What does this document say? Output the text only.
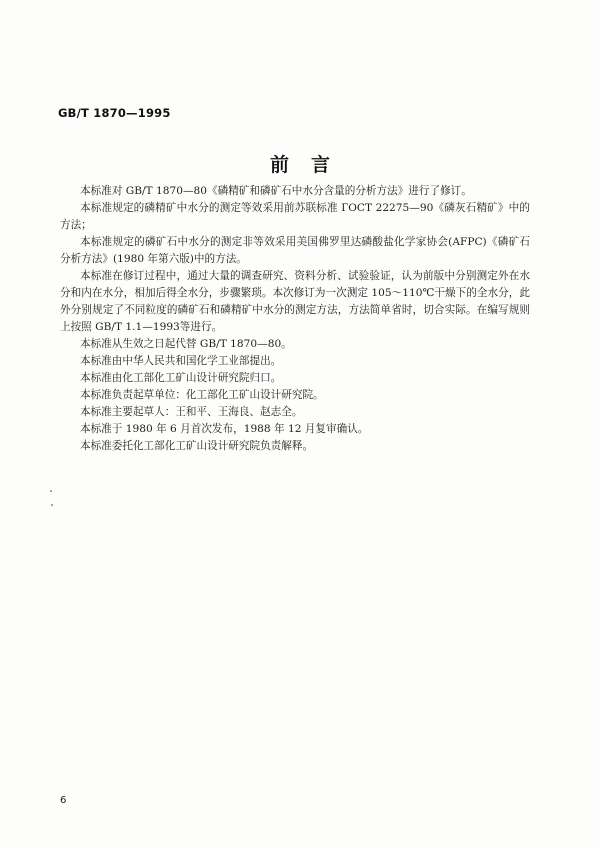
GB/T 1870—1995
前言

本标准对 GB/T 1870—80《磷精矿和磷矿石中水分含量的分析方法》进行了修订。

本标准规定的磷精矿中水分的测定等效采用前苏联标准 ГОСТ 22275—90《磷灰石精矿》中的方法；

本标准规定的磷矿石中水分的测定非等效采用美国佛罗里达磷酸盐化学家协会(AFPC)《磷矿石分析方法》(1980 年第六版)中的方法。

本标准在修订过程中，通过大量的调查研究、资料分析、试验验证，认为前版中分别测定外在水分和内在水分，相加后得全水分，步骤繁琐。本次修订为一次测定 105～110℃干燥下的全水分，此外分别规定了不同粒度的磷矿石和磷精矿中水分的测定方法，方法简单省时，切合实际。在编写规则上按照 GB/T 1.1—1993等进行。

本标准从生效之日起代替 GB/T 1870—80。

本标准由中华人民共和国化学工业部提出。

本标准由化工部化工矿山设计研究院归口。

本标准负责起草单位：化工部化工矿山设计研究院。

本标准主要起草人：王和平、王海良、赵志全。

本标准于 1980 年 6 月首次发布，1988 年 12 月复审确认。

本标准委托化工部化工矿山设计研究院负责解释。

6
